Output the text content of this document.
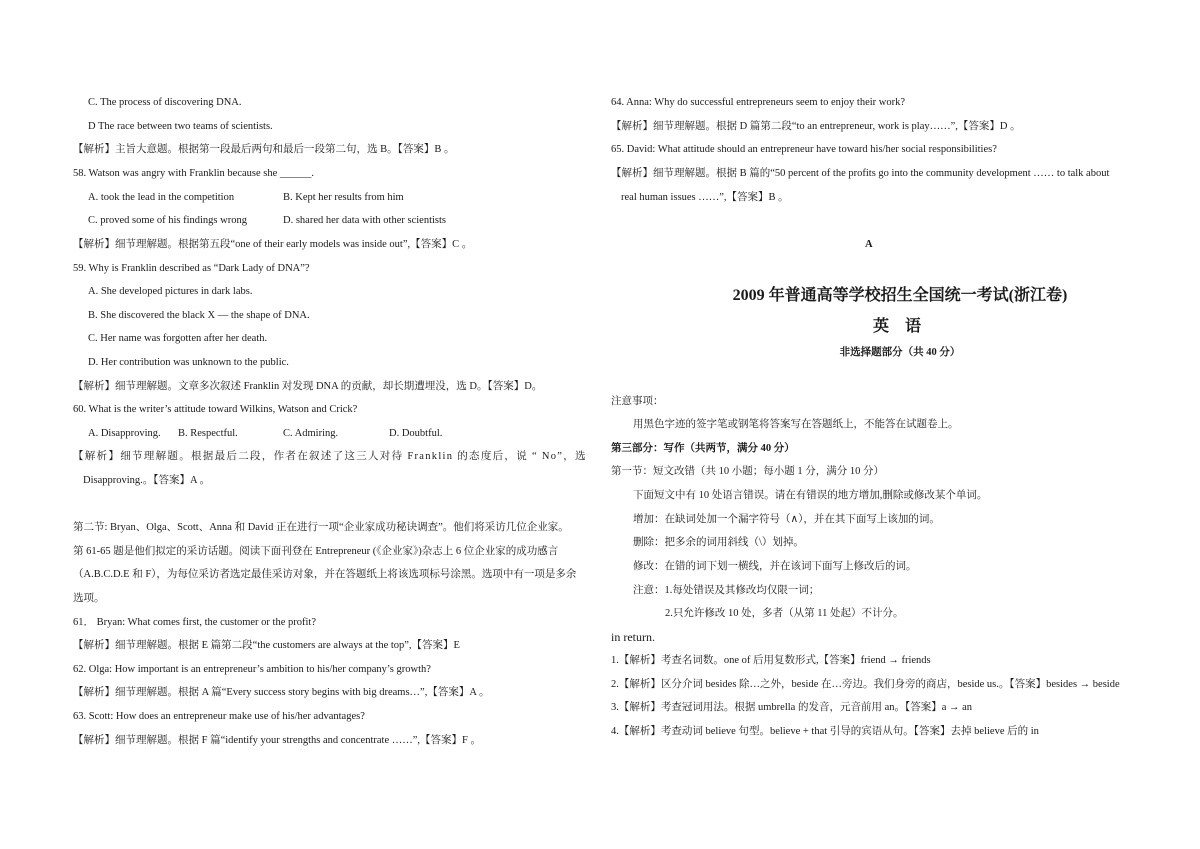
C. The process of discovering DNA.
D The race between two teams of scientists.
【解析】主旨大意题。根据第一段最后两句和最后一段第二句，选 B。【答案】B 。
58. Watson was angry with Franklin because she ______.
A. took the lead in the competition	B. Kept her results from him
C. proved some of his findings wrong	D. shared her data with other scientists
【解析】细节理解题。根据第五段“one of their early models was inside out”,【答案】C 。
59. Why is Franklin described as “Dark Lady of DNA”?
A. She developed pictures in dark labs.
B. She discovered the black X — the shape of DNA.
C. Her name was forgotten after her death.
D. Her contribution was unknown to the public.
【解析】细节理解题。文章多次叙述 Franklin 对发现 DNA 的贡献，却长期遭埋没，选 D。【答案】D。
60. What is the writer’s attitude toward Wilkins, Watson and Crick?
A. Disapproving. B. Respectful.	C. Admiring.	D. Doubtful.
【解析】细节理解题。根据最后二段，作者在叙述了这三人对待 Franklin 的态度后，说 “ No”，选
Disapproving.。【答案】A 。
第二节: Bryan、Olga、Scott、Anna 和 David 正在进行一项“企业家成功秘诀调查”。他们将采访几位企业家。
第 61-65 题是他们拟定的采访话题。阅读下面刊登在 Entrepreneur (《企业家》)杂志上 6 位企业家的成功感言
（A.B.C.D.E 和 F），为每位采访者选定最佳采访对象，并在答题纸上将该选项标号涂黑。选项中有一项是多余
选项。
61． Bryan: What comes first, the customer or the profit?
【解析】细节理解题。根据 E 篇第二段“the customers are always at the top”,【答案】E
62. Olga: How important is an entrepreneur’s ambition to his/her company’s growth?
【解析】细节理解题。根据 A 篇“Every success story begins with big dreams…”,【答案】A 。
63. Scott: How does an entrepreneur make use of his/her advantages?
【解析】细节理解题。根据 F 篇“identify your strengths and concentrate ……”,【答案】F 。
64. Anna: Why do successful entrepreneurs seem to enjoy their work?
【解析】细节理解题。根据 D 篇第二段“to an entrepreneur, work is play……”,【答案】D 。
65. David: What attitude should an entrepreneur have toward his/her social responsibilities?
【解析】细节理解题。根据 B 篇的“50 percent of the profits go into the community development …… to talk about
real human issues ……”,【答案】B 。
A
2009 年普通高等学校招生全国统一考试(浙江卷)
英 语
非选择题部分（共 40 分）
注意事项：
用黑色字迹的签字笔或钢笔将答案写在答题纸上，不能答在试题卷上。
第三部分：写作（共两节，满分 40 分）
第一节：短文改错（共 10 小题；每小题 1 分，满分 10 分）
下面短文中有 10 处语言错误。请在有错误的地方增加,删除或修改某个单词。
增加：在缺词处加一个漏字符号（∧），并在其下面写上该加的词。
删除：把多余的词用斜线（\）划掉。
修改：在错的词下划一横线，并在该词下面写上修改后的词。
注意：1.每处错误及其修改均仅限一词；
2.只允许修改 10 处，多者（从第 11 处起）不计分。
in return.
1.【解析】考查名词数。one of 后用复数形式,【答案】friend → friends
2.【解析】区分介词 besides 除…之外，beside 在…旁边。我们身旁的商店，beside us.。【答案】besides → beside
3.【解析】考查冠词用法。根据 umbrella 的发音，元音前用 an。【答案】a → an
4.【解析】考查动词 believe 句型。believe + that 引导的宾语从句。【答案】去掉 believe 后的 in
